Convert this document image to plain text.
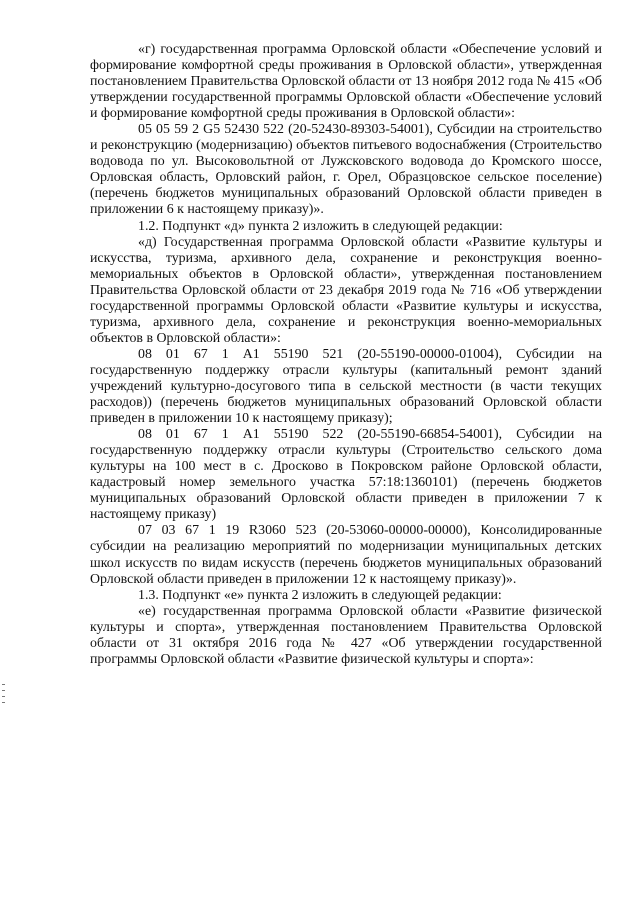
«г) государственная программа Орловской области «Обеспечение условий и формирование комфортной среды проживания в Орловской области», утвержденная постановлением Правительства Орловской области от 13 ноября 2012 года № 415 «Об утверждении государственной программы Орловской области «Обеспечение условий и формирование комфортной среды проживания в Орловской области»:

05 05 59 2 G5 52430 522 (20-52430-89303-54001), Субсидии на строительство и реконструкцию (модернизацию) объектов питьевого водоснабжения (Строительство водовода по ул. Высоковольтной от Лужсковского водовода до Кромского шоссе, Орловская область, Орловский район, г. Орел, Образцовское сельское поселение) (перечень бюджетов муниципальных образований Орловской области приведен в приложении 6 к настоящему приказу)».

1.2. Подпункт «д» пункта 2 изложить в следующей редакции:

«д) Государственная программа Орловской области «Развитие культуры и искусства, туризма, архивного дела, сохранение и реконструкция военно-мемориальных объектов в Орловской области», утвержденная постановлением Правительства Орловской области от 23 декабря 2019 года № 716 «Об утверждении государственной программы Орловской области «Развитие культуры и искусства, туризма, архивного дела, сохранение и реконструкция военно-мемориальных объектов в Орловской области»:

08 01 67 1 А1 55190 521 (20-55190-00000-01004), Субсидии на государственную поддержку отрасли культуры (капитальный ремонт зданий учреждений культурно-досугового типа в сельской местности (в части текущих расходов)) (перечень бюджетов муниципальных образований Орловской области приведен в приложении 10 к настоящему приказу);

08 01 67 1 А1 55190 522 (20-55190-66854-54001), Субсидии на государственную поддержку отрасли культуры (Строительство сельского дома культуры на 100 мест в с. Дросково в Покровском районе Орловской области, кадастровый номер земельного участка 57:18:1360101) (перечень бюджетов муниципальных образований Орловской области приведен в приложении 7 к настоящему приказу)

07 03 67 1 19 R3060 523 (20-53060-00000-00000), Консолидированные субсидии на реализацию мероприятий по модернизации муниципальных детских школ искусств по видам искусств (перечень бюджетов муниципальных образований Орловской области приведен в приложении 12 к настоящему приказу)».

1.3. Подпункт «е» пункта 2 изложить в следующей редакции:

«е) государственная программа Орловской области «Развитие физической культуры и спорта», утвержденная постановлением Правительства Орловской области от 31 октября 2016 года № 427 «Об утверждении государственной программы Орловской области «Развитие физической культуры и спорта»:
